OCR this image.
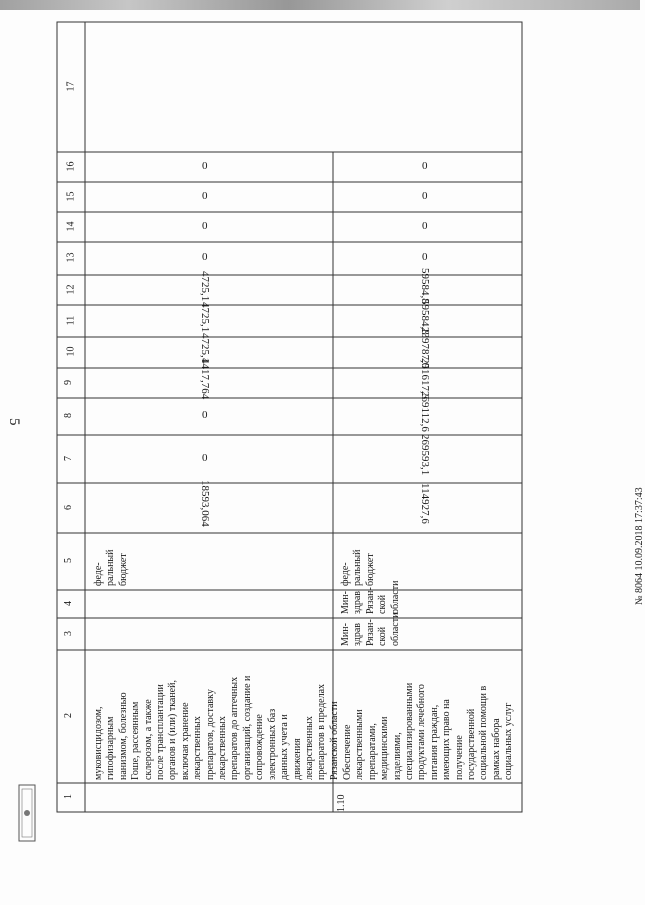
5
1
2
3
4
5
6
7
8
9
10
11
12
13
14
15
16
17
муковисцидозом, гипофизарным нанизмом, болезнью Гоше, рассеянным склерозом, а также после трансплантации органов и (или) тканей, включая хранение лекарственных препаратов, доставку лекарственных препаратов до аптечных организаций, создание и сопровождение электронных баз данных учета и движения лекарственных препаратов в пределах Рязанской области
феде- ральный бюджет
1.10
Обеспечение лекарственными препаратами, медицинскими изделиями, специализированными продуктами лечебного питания граждан, имеющих право на получение государственной социальной помощи в рамках набора социальных услуг
Мин- здрав Рязан- ской области
Мин- здрав Рязан- ской области
феде- ральный бюджет
18593,064
4417,764
4725,1
4725,1
4725,1
0
0
0
0
0
0
114927,6
269593,1
269112,6
251617,3
239787,0
59584,8
59584,8
0
0
0
0
№ 8064 10.09.2018 17:37:43
